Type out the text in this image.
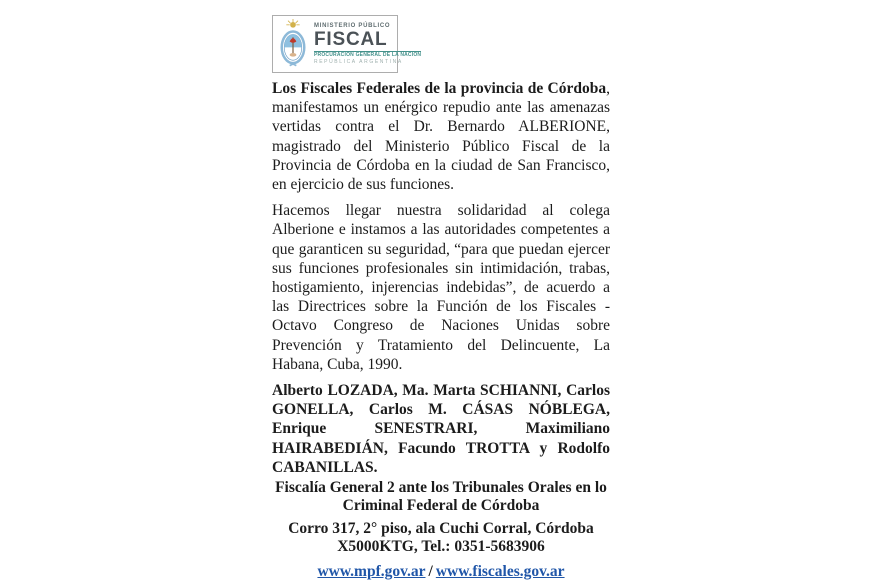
MINISTERIO PÚBLICO
FISCAL
PROCURACIÓN GENERAL DE LA NACIÓN
REPÚBLICA ARGENTINA

Los Fiscales Federales de la provincia de Córdoba, manifestamos un enérgico repudio ante las amenazas vertidas contra el Dr. Bernardo ALBERIONE, magistrado del Ministerio Público Fiscal de la Provincia de Córdoba en la ciudad de San Francisco, en ejercicio de sus funciones.

Hacemos llegar nuestra solidaridad al colega Alberione e instamos a las autoridades competentes a que garanticen su seguridad, “para que puedan ejercer sus funciones profesionales sin intimidación, trabas, hostigamiento, injerencias indebidas”, de acuerdo a las Directrices sobre la Función de los Fiscales -Octavo Congreso de Naciones Unidas sobre Prevención y Tratamiento del Delincuente, La Habana, Cuba, 1990.

Alberto LOZADA, Ma. Marta SCHIANNI, Carlos GONELLA, Carlos M. CÁSAS NÓBLEGA, Enrique SENESTRARI, Maximiliano HAIRABEDIÁN, Facundo TROTTA y Rodolfo CABANILLAS.

Fiscalía General 2 ante los Tribunales Orales en lo Criminal Federal de Córdoba

Corro 317, 2° piso, ala Cuchi Corral, Córdoba
X5000KTG, Tel.: 0351-5683906

www.mpf.gov.ar / www.fiscales.gov.ar
